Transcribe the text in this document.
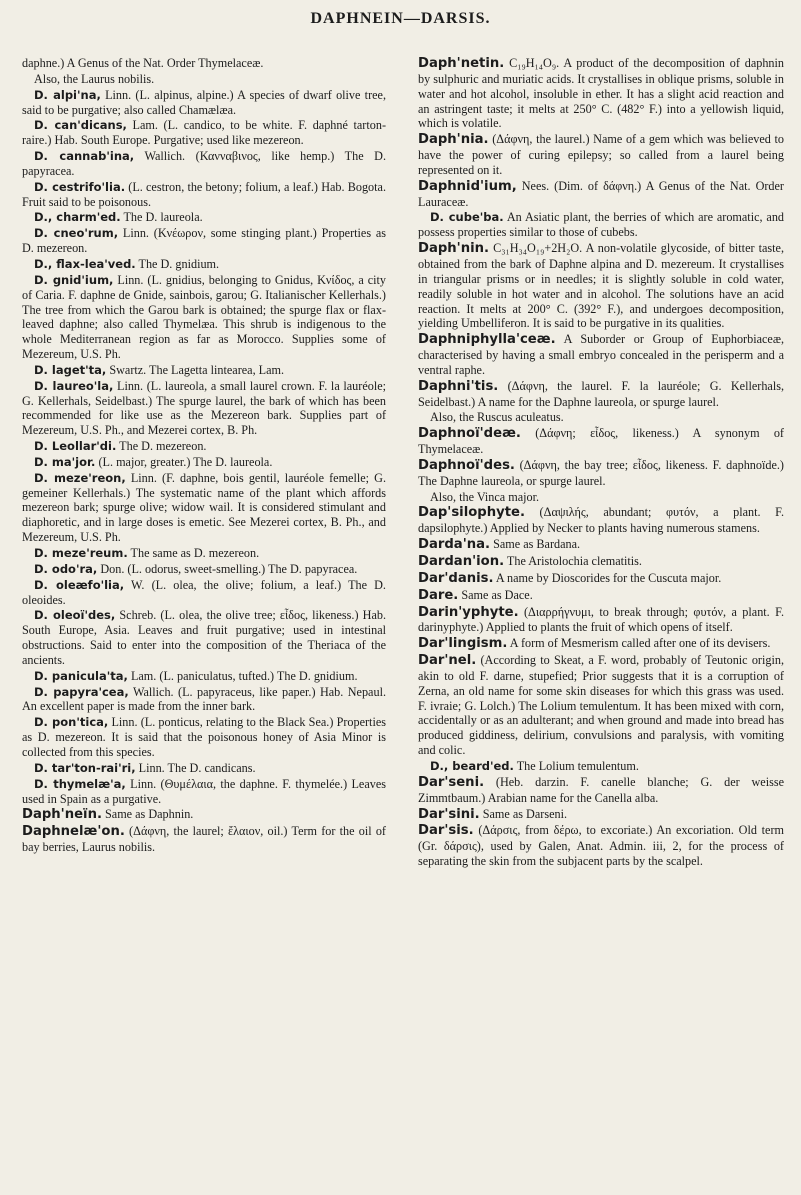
DAPHNEIN—DARSIS.

daphne.) A Genus of the Nat. Order Thymelaceæ.

Also, the Laurus nobilis.

D. alpi'na, Linn. (L. alpinus, alpine.) A species of dwarf olive tree, said to be purgative; also called Chamælæa.

D. can'dicans, Lam. (L. candico, to be white. F. daphné tarton-raire.) Hab. South Europe. Purgative; used like mezereon.

D. cannab'ina, Wallich. (Κανναβινος, like hemp.) The D. papyracea.

D. cestrifo'lia. (L. cestron, the betony; folium, a leaf.) Hab. Bogota. Fruit said to be poisonous.

D., charm'ed. The D. laureola.

D. cneo'rum, Linn. (Κνέωρον, some stinging plant.) Properties as D. mezereon.

D., flax-lea'ved. The D. gnidium.

D. gnid'ium, Linn. (L. gnidius, belonging to Gnidus, Κνίδος, a city of Caria. F. daphne de Gnide, sainbois, garou; G. Italianischer Kellerhals.) The tree from which the Garou bark is obtained; the spurge flax or flax-leaved daphne; also called Thymelæa. This shrub is indigenous to the whole Mediterranean region as far as Morocco. Supplies some of Mezereum, U.S. Ph.

D. laget'ta, Swartz. The Lagetta lintearea, Lam.

D. laureo'la, Linn. (L. laureola, a small laurel crown. F. la lauréole; G. Kellerhals, Seidelbast.) The spurge laurel, the bark of which has been recommended for like use as the Mezereon bark. Supplies part of Mezereum, U.S. Ph., and Mezerei cortex, B. Ph.

D. Leollar'di. The D. mezereon.

D. ma'jor. (L. major, greater.) The D. laureola.

D. meze'reon, Linn. (F. daphne, bois gentil, lauréole femelle; G. gemeiner Kellerhals.) The systematic name of the plant which affords mezereon bark; spurge olive; widow wail. It is considered stimulant and diaphoretic, and in large doses is emetic. See Mezerei cortex, B. Ph., and Mezereum, U.S. Ph.

D. meze'reum. The same as D. mezereon.

D. odo'ra, Don. (L. odorus, sweet-smelling.) The D. papyracea.

D. oleæfo'lia, W. (L. olea, the olive; folium, a leaf.) The D. oleoides.

D. oleoï'des, Schreb. (L. olea, the olive tree; εἶδος, likeness.) Hab. South Europe, Asia. Leaves and fruit purgative; used in intestinal obstructions. Said to enter into the composition of the Theriaca of the ancients.

D. panicula'ta, Lam. (L. paniculatus, tufted.) The D. gnidium.

D. papyra'cea, Wallich. (L. papyraceus, like paper.) Hab. Nepaul. An excellent paper is made from the inner bark.

D. pon'tica, Linn. (L. ponticus, relating to the Black Sea.) Properties as D. mezereon. It is said that the poisonous honey of Asia Minor is collected from this species.

D. tar'ton-rai'ri, Linn. The D. candicans.

D. thymelæ'a, Linn. (Θυμέλαια, the daphne. F. thymelée.) Leaves used in Spain as a purgative.

Daph'neïn. Same as Daphnin.

Daphnelæ'on. (Δάφνη, the laurel; ἔλαιον, oil.) Term for the oil of bay berries, Laurus nobilis.

Daph'netin. C₁₉H₁₄O₉. A product of the decomposition of daphnin by sulphuric and muriatic acids. It crystallises in oblique prisms, soluble in water and hot alcohol, insoluble in ether. It has a slight acid reaction and an astringent taste; it melts at 250° C. (482° F.) into a yellowish liquid, which is volatile.

Daph'nia. (Δάφνη, the laurel.) Name of a gem which was believed to have the power of curing epilepsy; so called from a laurel being represented on it.

Daphnid'ium, Nees. (Dim. of δάφνη.) A Genus of the Nat. Order Lauraceæ.

D. cube'ba. An Asiatic plant, the berries of which are aromatic, and possess properties similar to those of cubebs.

Daph'nin. C₃₁H₃₄O₁₉+2H₂O. A non-volatile glycoside, of bitter taste, obtained from the bark of Daphne alpina and D. mezereum. It crystallises in triangular prisms or in needles; it is slightly soluble in cold water, readily soluble in hot water and in alcohol. The solutions have an acid reaction. It melts at 200° C. (392° F.), and undergoes decomposition, yielding Umbelliferon. It is said to be purgative in its qualities.

Daphniphylla'ceæ. A Suborder or Group of Euphorbiaceæ, characterised by having a small embryo concealed in the perisperm and a ventral raphe.

Daphni'tis. (Δάφνη, the laurel. F. la lauréole; G. Kellerhals, Seidelbast.) A name for the Daphne laureola, or spurge laurel.

Also, the Ruscus aculeatus.

Daphnoï'deæ. (Δάφνη; εἶδος, likeness.) A synonym of Thymelaceæ.

Daphnoï'des. (Δάφνη, the bay tree; εἶδος, likeness. F. daphnoïde.) The Daphne laureola, or spurge laurel.

Also, the Vinca major.

Dap'silophyte. (Δαψιλής, abundant; φυτόν, a plant. F. dapsilophyte.) Applied by Necker to plants having numerous stamens.

Darda'na. Same as Bardana.

Dardan'ion. The Aristolochia clematitis.

Dar'danis. A name by Dioscorides for the Cuscuta major.

Dare. Same as Dace.

Darin'yphyte. (Διαρρήγνυμι, to break through; φυτόν, a plant. F. darinyphyte.) Applied to plants the fruit of which opens of itself.

Dar'lingism. A form of Mesmerism called after one of its devisers.

Dar'nel. (According to Skeat, a F. word, probably of Teutonic origin, akin to old F. darne, stupefied; Prior suggests that it is a corruption of Zerna, an old name for some skin diseases for which this grass was used. F. ivraie; G. Lolch.) The Lolium temulentum. It has been mixed with corn, accidentally or as an adulterant; and when ground and made into bread has produced giddiness, delirium, convulsions and paralysis, with vomiting and colic.

D., beard'ed. The Lolium temulentum.

Dar'seni. (Heb. darzin. F. canelle blanche; G. der weisse Zimmtbaum.) Arabian name for the Canella alba.

Dar'sini. Same as Darseni.

Dar'sis. (Δάρσις, from δέρω, to excoriate.) An excoriation. Old term (Gr. δάρσις), used by Galen, Anat. Admin. iii, 2, for the process of separating the skin from the subjacent parts by the scalpel.
